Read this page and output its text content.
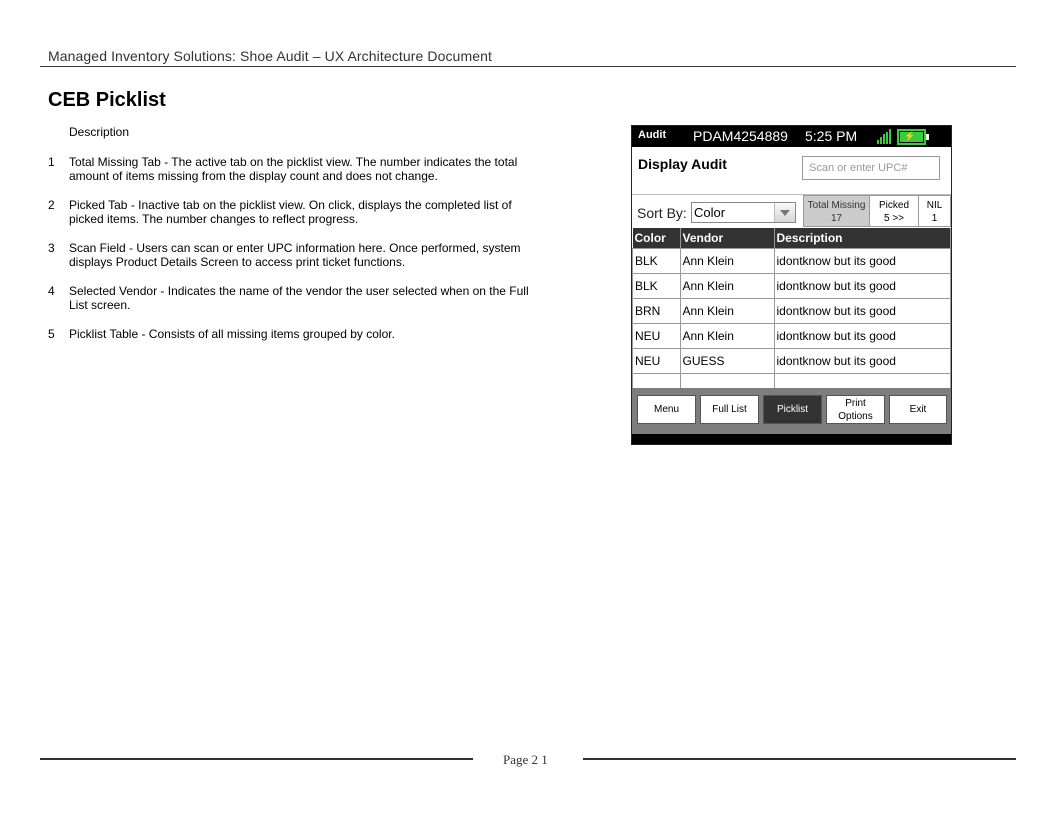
Managed Inventory Solutions: Shoe Audit – UX Architecture Document
CEB Picklist
Description
1	Total Missing Tab - The active tab on the picklist view. The number indicates the total amount of items missing from the display count and does not change.
2	Picked Tab - Inactive tab on the picklist view. On click, displays the completed list of picked items. The number changes to reflect progress.
3	Scan Field - Users can scan or enter UPC information here. Once performed, system displays Product Details Screen to access print ticket functions.
4	Selected Vendor - Indicates the name of the vendor the user selected when on the Full List screen.
5	Picklist Table - Consists of all missing items grouped by color.
Audit PDAM4254889 5:25 PM	⚡
Display Audit
Scan or enter UPC#
Sort By: Color	Total Missing
17
Picked
5 >>
NIL
1
Color	Vendor	Description
BLK	Ann Klein	idontknow but its good
BLK	Ann Klein	idontknow but its good
BRN	Ann Klein	idontknow but its good
NEU	Ann Klein	idontknow but its good
NEU	GUESS	idontknow but its good

Menu	Full List	Picklist
Print Options
Exit
Page 2 1
